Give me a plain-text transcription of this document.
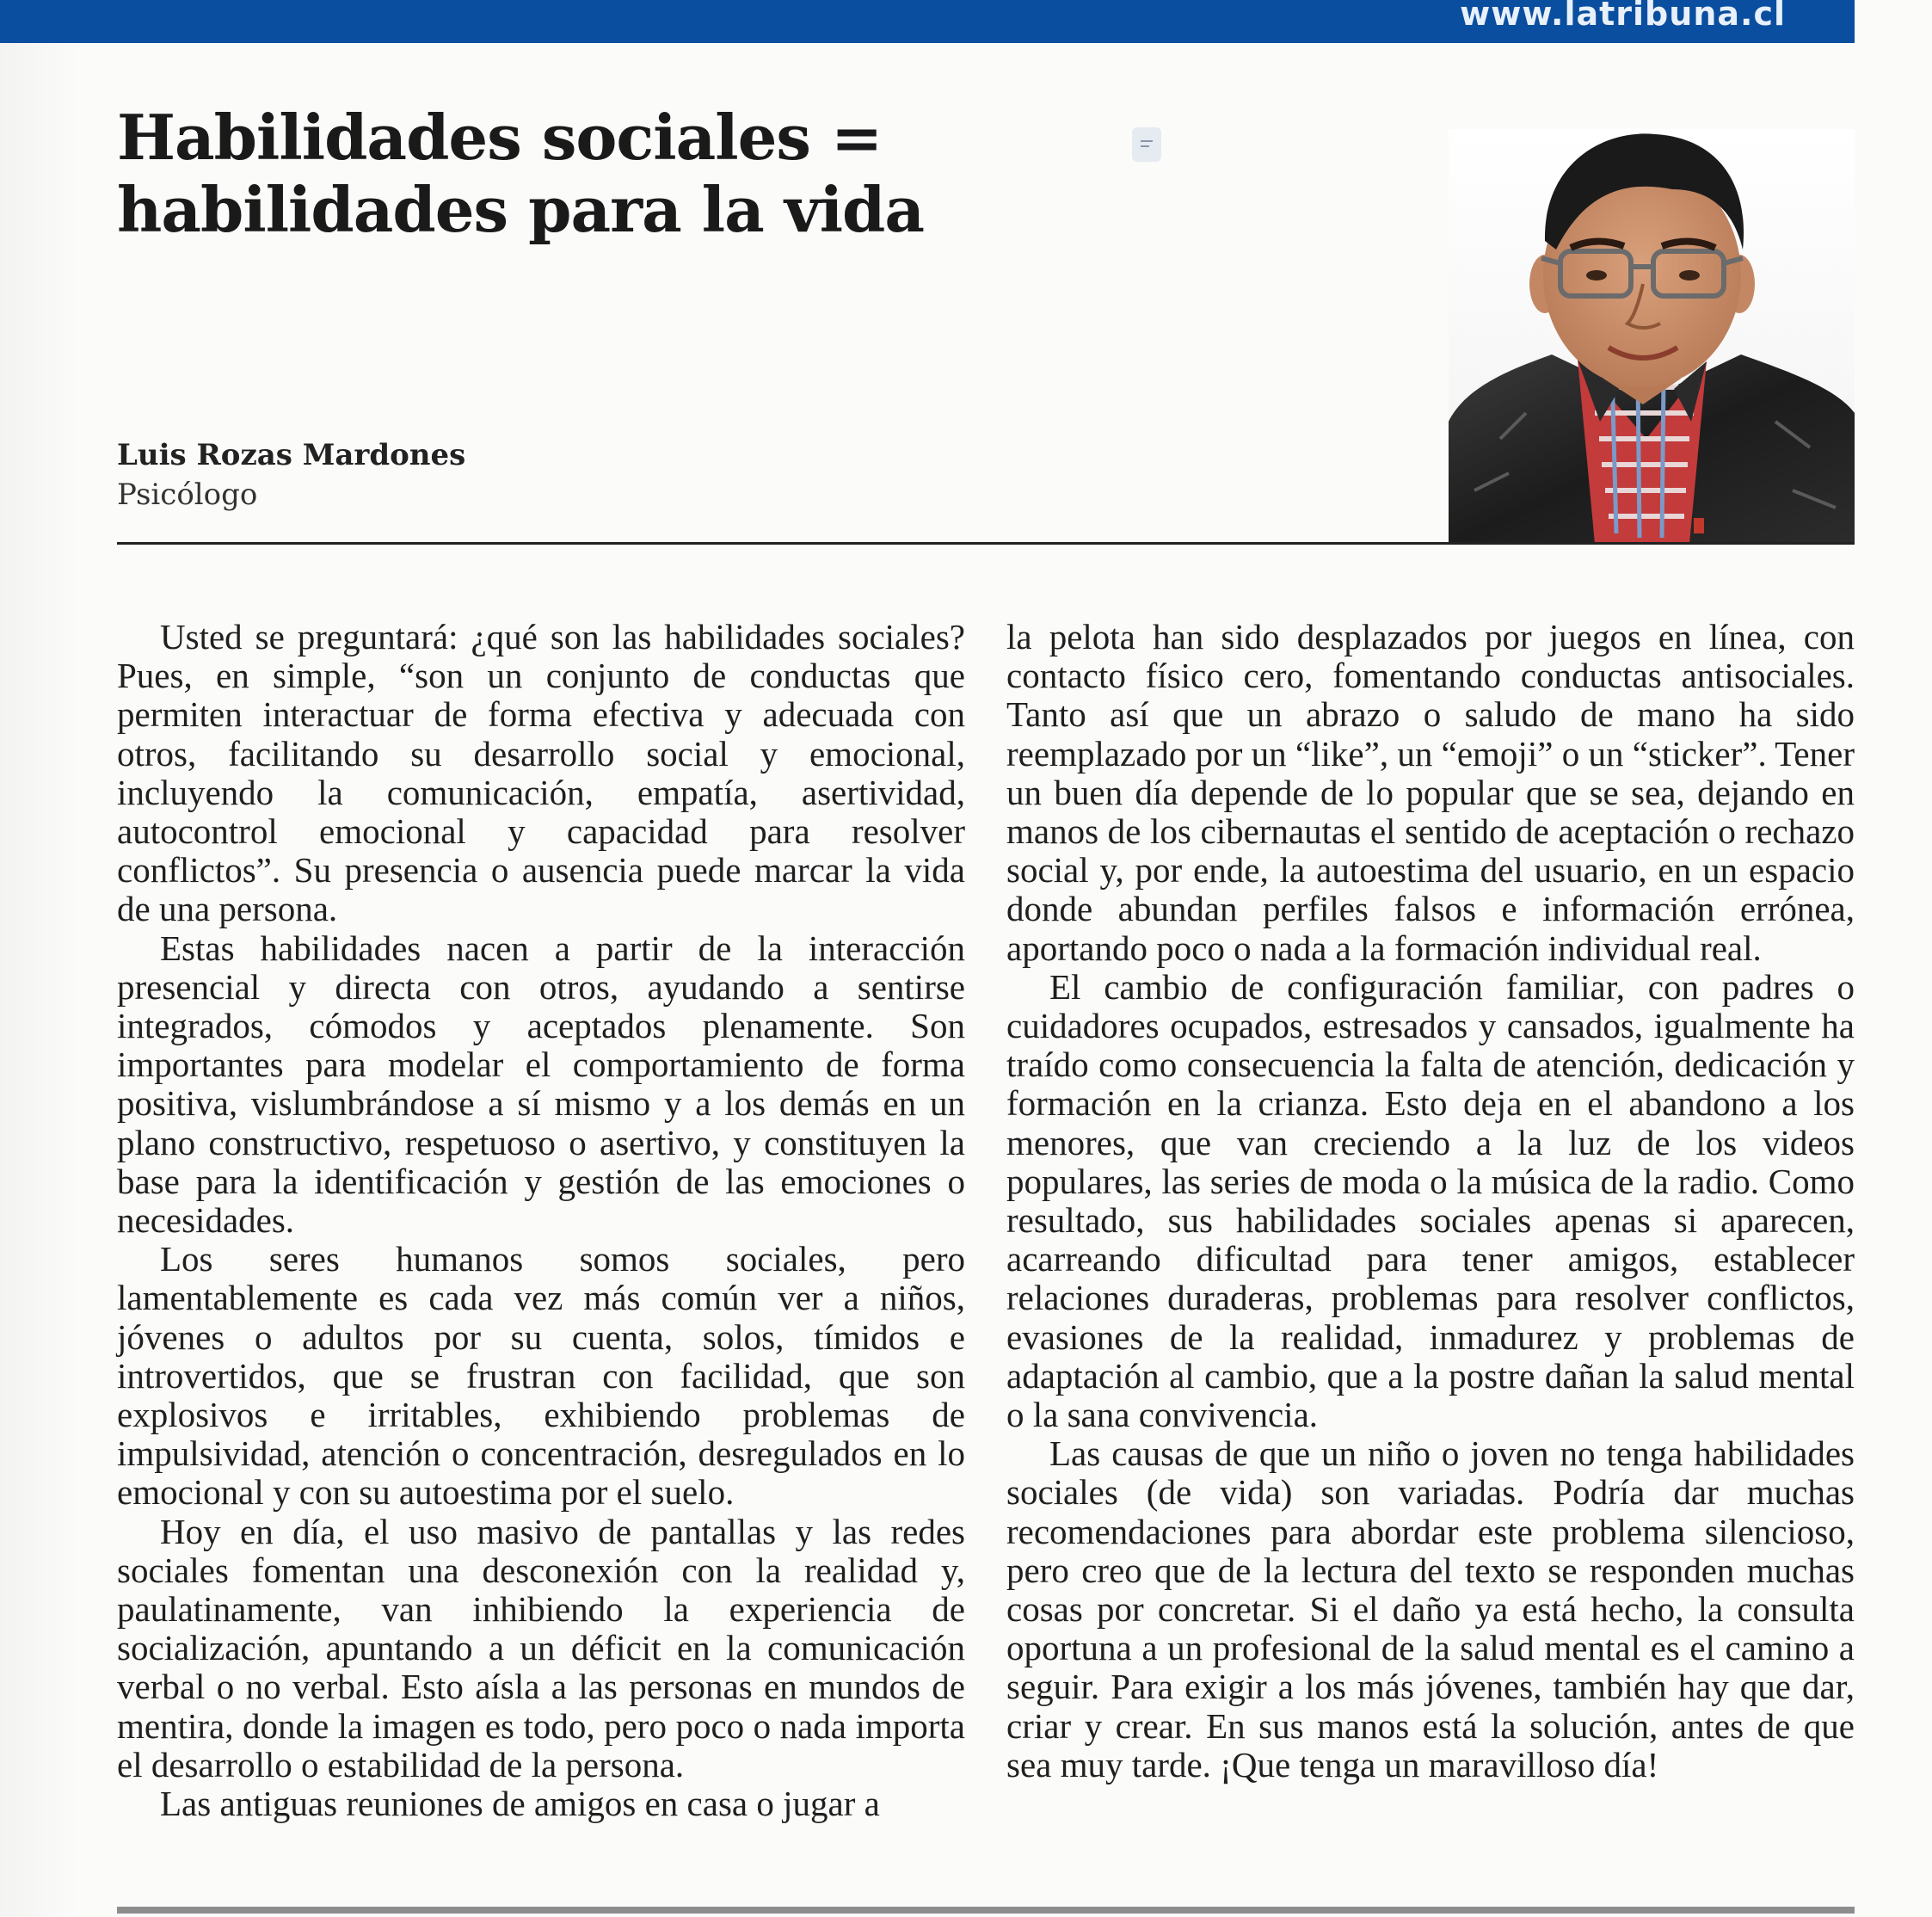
www.latribuna.cl
Habilidades sociales = habilidades para la vida
Luis Rozas Mardones
Psicólogo

Usted se preguntará: ¿qué son las habilidades sociales? Pues, en simple, “son un conjunto de conductas que permiten interactuar de forma efectiva y adecuada con otros, facilitando su desarrollo social y emocional, incluyendo la comunicación, empatía, asertividad, autocontrol emocional y capacidad para resolver conflictos”. Su presencia o ausencia puede marcar la vida de una persona.

Estas habilidades nacen a partir de la interacción presencial y directa con otros, ayudando a sentirse integrados, cómodos y aceptados plenamente. Son importantes para modelar el comportamiento de forma positiva, vislumbrándose a sí mismo y a los demás en un plano constructivo, respetuoso o asertivo, y constituyen la base para la identificación y gestión de las emociones o necesidades.

Los seres humanos somos sociales, pero lamentablemente es cada vez más común ver a niños, jóvenes o adultos por su cuenta, solos, tímidos e introvertidos, que se frustran con facilidad, que son explosivos e irritables, exhibiendo problemas de impulsividad, atención o concentración, desregulados en lo emocional y con su autoestima por el suelo.

Hoy en día, el uso masivo de pantallas y las redes sociales fomentan una desconexión con la realidad y, paulatinamente, van inhibiendo la experiencia de socialización, apuntando a un déficit en la comunicación verbal o no verbal. Esto aísla a las personas en mundos de mentira, donde la imagen es todo, pero poco o nada importa el desarrollo o estabilidad de la persona.

Las antiguas reuniones de amigos en casa o jugar a

la pelota han sido desplazados por juegos en línea, con contacto físico cero, fomentando conductas antisociales. Tanto así que un abrazo o saludo de mano ha sido reemplazado por un “like”, un “emoji” o un “sticker”. Tener un buen día depende de lo popular que se sea, dejando en manos de los cibernautas el sentido de aceptación o rechazo social y, por ende, la autoestima del usuario, en un espacio donde abundan perfiles falsos e información errónea, aportando poco o nada a la formación individual real.

El cambio de configuración familiar, con padres o cuidadores ocupados, estresados y cansados, igualmente ha traído como consecuencia la falta de atención, dedicación y formación en la crianza. Esto deja en el abandono a los menores, que van creciendo a la luz de los videos populares, las series de moda o la música de la radio. Como resultado, sus habilidades sociales apenas si aparecen, acarreando dificultad para tener amigos, establecer relaciones duraderas, problemas para resolver conflictos, evasiones de la realidad, inmadurez y problemas de adaptación al cambio, que a la postre dañan la salud mental o la sana convivencia.

Las causas de que un niño o joven no tenga habilidades sociales (de vida) son variadas. Podría dar muchas recomendaciones para abordar este problema silencioso, pero creo que de la lectura del texto se responden muchas cosas por concretar. Si el daño ya está hecho, la consulta oportuna a un profesional de la salud mental es el camino a seguir. Para exigir a los más jóvenes, también hay que dar, criar y crear. En sus manos está la solución, antes de que sea muy tarde. ¡Que tenga un maravilloso día!
